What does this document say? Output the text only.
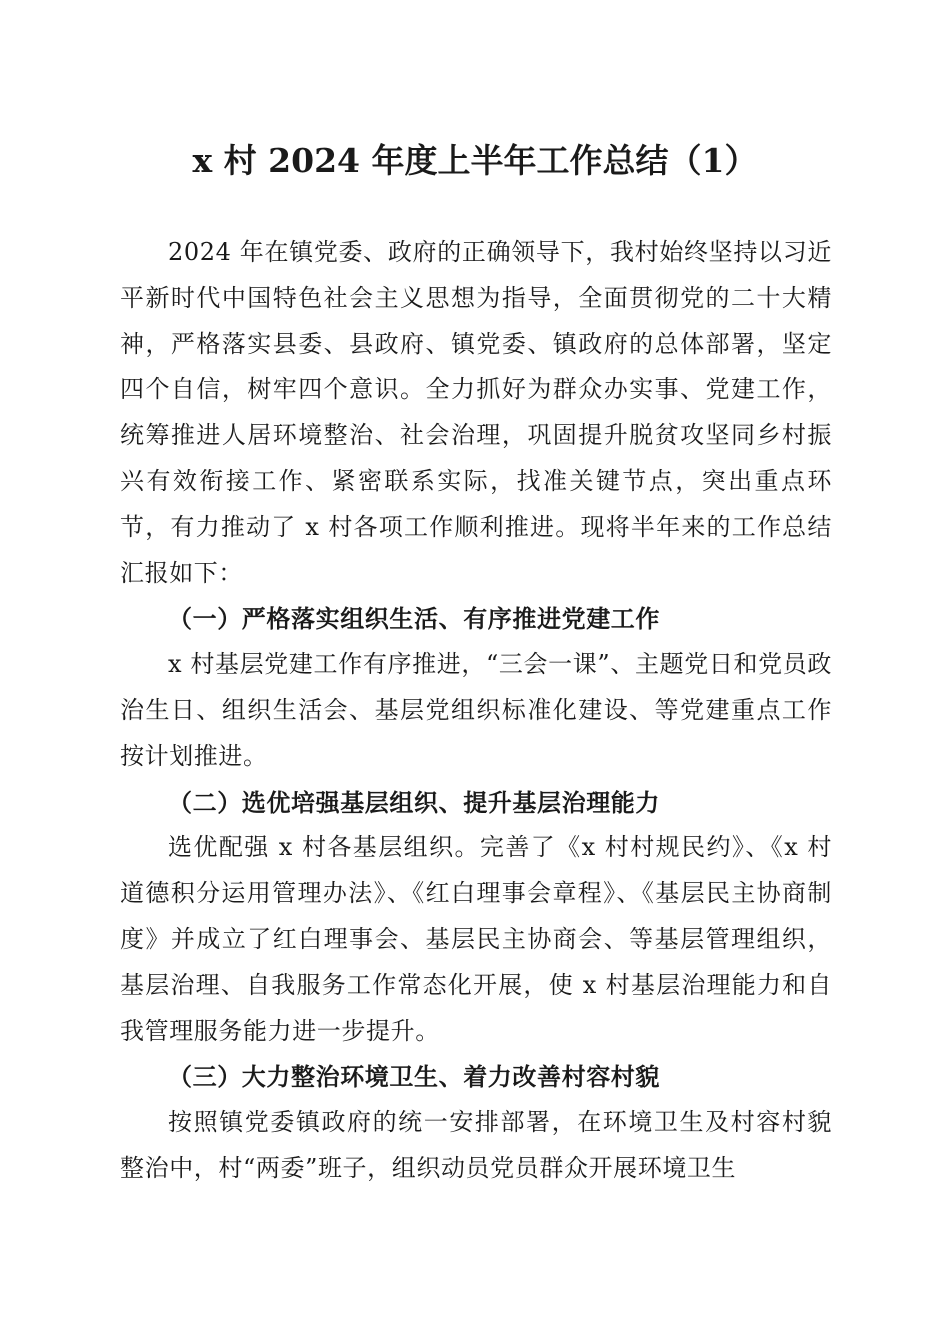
x 村 2024 年度上半年工作总结（1）

2024 年在镇党委、政府的正确领导下，我村始终坚持以习近平新时代中国特色社会主义思想为指导，全面贯彻党的二十大精神，严格落实县委、县政府、镇党委、镇政府的总体部署，坚定四个自信，树牢四个意识。全力抓好为群众办实事、党建工作，统筹推进人居环境整治、社会治理，巩固提升脱贫攻坚同乡村振兴有效衔接工作、紧密联系实际，找准关键节点，突出重点环节，有力推动了 x 村各项工作顺利推进。现将半年来的工作总结汇报如下：

（一）严格落实组织生活、有序推进党建工作

x 村基层党建工作有序推进，“三会一课”、主题党日和党员政治生日、组织生活会、基层党组织标准化建设、等党建重点工作按计划推进。

（二）选优培强基层组织、提升基层治理能力

选优配强 x 村各基层组织。完善了《x 村村规民约》、《x 村道德积分运用管理办法》、《红白理事会章程》、《基层民主协商制度》并成立了红白理事会、基层民主协商会、等基层管理组织，基层治理、自我服务工作常态化开展，使 x 村基层治理能力和自我管理服务能力进一步提升。

（三）大力整治环境卫生、着力改善村容村貌

按照镇党委镇政府的统一安排部署，在环境卫生及村容村貌整治中，村“两委”班子，组织动员党员群众开展环境卫生
